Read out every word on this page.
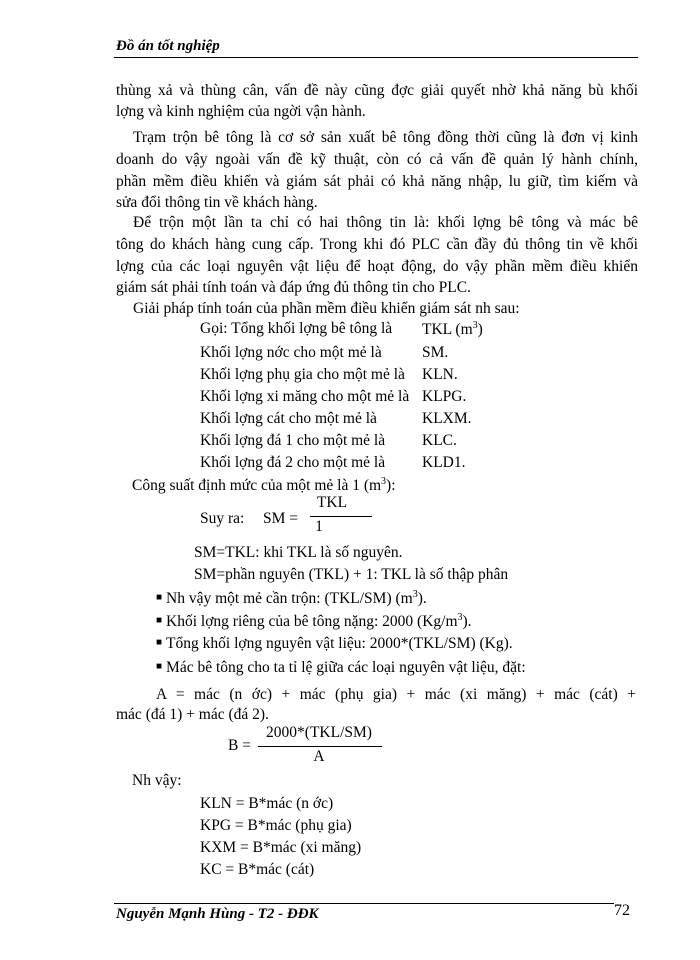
Đồ án tốt nghiệp
thùng xả và thùng cân, vấn đề này cũng đợc giải quyết nhờ khả năng bù khối
lợng và kinh nghiệm của ngời vận hành.
Trạm trộn bê tông là cơ sở sản xuất bê tông đồng thời cũng là đơn vị kinh
doanh do vậy ngoài vấn đề kỹ thuật, còn có cả vấn đề quản lý hành chính,
phần mềm điều khiển và giám sát phải có khả năng nhập, lu giữ, tìm kiếm và
sửa đổi thông tin về khách hàng.
Để trộn một lần ta chỉ có hai thông tin là: khối lợng bê tông và mác bê
tông do khách hàng cung cấp. Trong khi đó PLC cần đầy đủ thông tin về khối
lợng của các loại nguyên vật liệu để hoạt động, do vậy phần mềm điều khiển
giám sát phải tính toán và đáp ứng đủ thông tin cho PLC.
Giải pháp tính toán của phần mềm điều khiển giám sát nh sau:
Gọi: Tổng khối lợng bê tông là TKL $(m^3)$
Khối lợng nớc cho một mẻ là	SM.
Khối lợng phụ gia cho một mẻ là KLN.
Khối lợng xi măng cho một mẻ là KLPG.
Khối lợng cát cho một mẻ là	KLXM.
Khối lợng đá 1 cho một mẻ là KLC.
Khối lợng đá 2 cho một mẻ là KLD1.
Công suất định mức của một mẻ là 1 $(m^3)$:
Suy ra: SM =
TKL
1
SM=TKL: khi TKL là số nguyên.
SM=phần nguyên (TKL) + 1: TKL là số thập phân
■ Nh vậy một mẻ cần trộn: (TKL/SM) $(m^3)$.
■ Khối lợng riêng của bê tông nặng: 2000 $(Kg/m^3)$.
■ Tổng khối lợng nguyên vật liệu: 2000*(TKL/SM) (Kg).
■ Mác bê tông cho ta tỉ lệ giữa các loại nguyên vật liệu, đặt:
A = mác (n ớc) + mác (phụ gia) + mác (xi măng) + mác (cát) +
mác (đá 1) + mác (đá 2).
B =
2000*(TKL/SM)
A
Nh vậy:
KLN = B*mác (n ớc)
KPG = B*mác (phụ gia)
KXM = B*mác (xi măng)
KC = B*mác (cát)
Nguyễn Mạnh Hùng - T2 - ĐĐK	72
